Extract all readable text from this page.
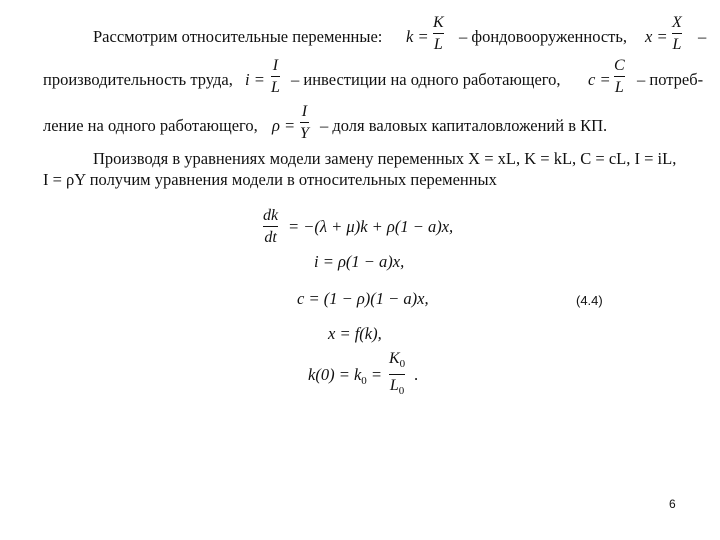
Рассмотрим относительные переменные: k =
K
L – фондовооруженность, x =
X
L –
производительность труда, i =
I
L – инвестиции на одного работающего, c =
C
L – потреб-
ление на одного работающего, ρ =
I
Y – доля валовых капиталовложений в КП.
Производя в уравнениях модели замену переменных X = xL, K = kL, C = cL, I = iL,
I = ρY получим уравнения модели в относительных переменных
dk
dt
= −(λ + μ)k + ρ(1 − a)x,
i = ρ(1 − a)x,
c = (1 − ρ)(1 − a)x,	(4.4)
x = f(k),
$k(0) = k_0$ =
$K_0$
$L_0$
.
6
